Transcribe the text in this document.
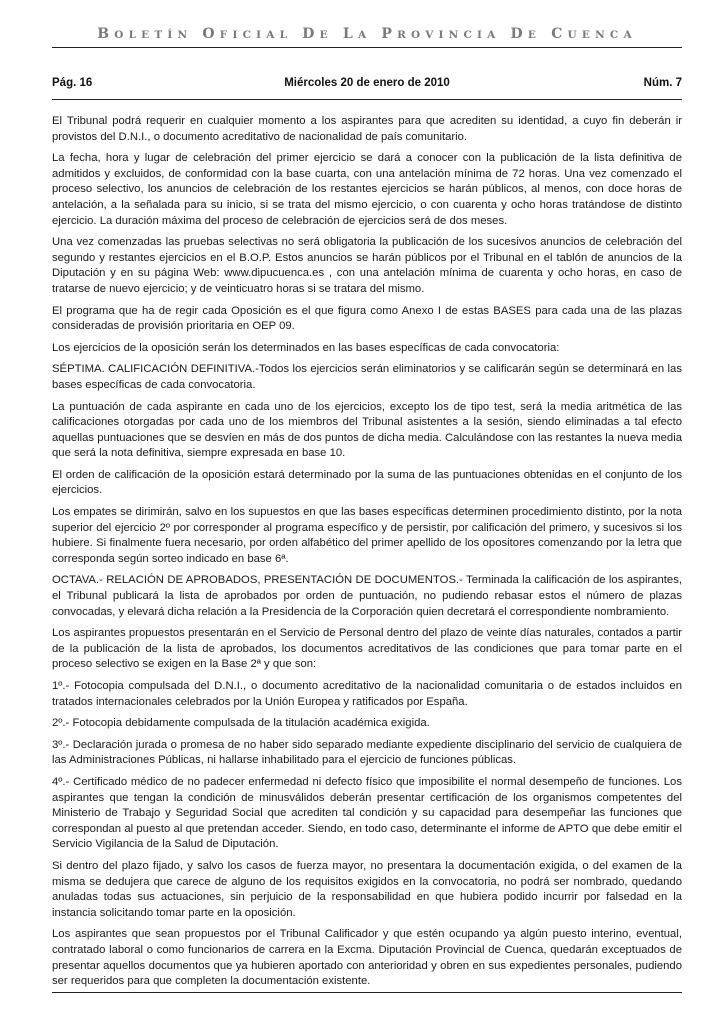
BOLETÍN OFICIAL DE LA PROVINCIA DE CUENCA
Pág. 16	Miércoles 20 de enero de 2010	Núm. 7

El Tribunal podrá requerir en cualquier momento a los aspirantes para que acrediten su identidad, a cuyo fin deberán ir provistos del D.N.I., o documento acreditativo de nacionalidad de país comunitario.

La fecha, hora y lugar de celebración del primer ejercicio se dará a conocer con la publicación de la lista definitiva de admitidos y excluidos, de conformidad con la base cuarta, con una antelación mínima de 72 horas. Una vez comenzado el proceso selectivo, los anuncios de celebración de los restantes ejercicios se harán públicos, al menos, con doce horas de antelación, a la señalada para su inicio, si se trata del mismo ejercicio, o con cuarenta y ocho horas tratándose de distinto ejercicio. La duración máxima del proceso de celebración de ejercicios será de dos meses.

Una vez comenzadas las pruebas selectivas no será obligatoria la publicación de los sucesivos anuncios de celebración del segundo y restantes ejercicios en el B.O.P. Estos anuncios se harán públicos por el Tribunal en el tablón de anuncios de la Diputación y en su página Web: www.dipucuenca.es , con una antelación mínima de cuarenta y ocho horas, en caso de tratarse de nuevo ejercicio; y de veinticuatro horas si se tratara del mismo.

El programa que ha de regir cada Oposición es el que figura como Anexo I de estas BASES para cada una de las plazas consideradas de provisión prioritaria en OEP 09.

Los ejercicios de la oposición serán los determinados en las bases específicas de cada convocatoria:

SÉPTIMA. CALIFICACIÓN DEFINITIVA.-Todos los ejercicios serán eliminatorios y se calificarán según se determinará en las bases específicas de cada convocatoria.

La puntuación de cada aspirante en cada uno de los ejercicios, excepto los de tipo test, será la media aritmética de las calificaciones otorgadas por cada uno de los miembros del Tribunal asistentes a la sesión, siendo eliminadas a tal efecto aquellas puntuaciones que se desvíen en más de dos puntos de dicha media. Calculándose con las restantes la nueva media que será la nota definitiva, siempre expresada en base 10.

El orden de calificación de la oposición estará determinado por la suma de las puntuaciones obtenidas en el conjunto de los ejercicios.

Los empates se dirimirán, salvo en los supuestos en que las bases específicas determinen procedimiento distinto, por la nota superior del ejercicio 2º por corresponder al programa específico y de persistir, por calificación del primero, y sucesivos si los hubiere. Si finalmente fuera necesario, por orden alfabético del primer apellido de los opositores comenzando por la letra que corresponda según sorteo indicado en base 6ª.

OCTAVA.- RELACIÓN DE APROBADOS, PRESENTACIÓN DE DOCUMENTOS.- Terminada la calificación de los aspirantes, el Tribunal publicará la lista de aprobados por orden de puntuación, no pudiendo rebasar estos el número de plazas convocadas, y elevará dicha relación a la Presidencia de la Corporación quien decretará el correspondiente nombramiento.

Los aspirantes propuestos presentarán en el Servicio de Personal dentro del plazo de veinte días naturales, contados a partir de la publicación de la lista de aprobados, los documentos acreditativos de las condiciones que para tomar parte en el proceso selectivo se exigen en la Base 2ª y que son:

1º.- Fotocopia compulsada del D.N.I., o documento acreditativo de la nacionalidad comunitaria o de estados incluidos en tratados internacionales celebrados por la Unión Europea y ratificados por España.

2º.- Fotocopia debidamente compulsada de la titulación académica exigida.

3º.- Declaración jurada o promesa de no haber sido separado mediante expediente disciplinario del servicio de cualquiera de las Administraciones Públicas, ni hallarse inhabilitado para el ejercicio de funciones públicas.

4º.- Certificado médico de no padecer enfermedad ni defecto físico que imposibilite el normal desempeño de funciones. Los aspirantes que tengan la condición de minusválidos deberán presentar certificación de los organismos competentes del Ministerio de Trabajo y Seguridad Social que acrediten tal condición y su capacidad para desempeñar las funciones que correspondan al puesto al que pretendan acceder. Siendo, en todo caso, determinante el informe de APTO que debe emitir el Servicio Vigilancia de la Salud de Diputación.

Si dentro del plazo fijado, y salvo los casos de fuerza mayor, no presentara la documentación exigida, o del examen de la misma se dedujera que carece de alguno de los requisitos exigidos en la convocatoria, no podrá ser nombrado, quedando anuladas todas sus actuaciones, sin perjuicio de la responsabilidad en que hubiera podido incurrir por falsedad en la instancia solicitando tomar parte en la oposición.

Los aspirantes que sean propuestos por el Tribunal Calificador y que estén ocupando ya algún puesto interino, eventual, contratado laboral o como funcionarios de carrera en la Excma. Diputación Provincial de Cuenca, quedarán exceptuados de presentar aquellos documentos que ya hubieren aportado con anterioridad y obren en sus expedientes personales, pudiendo ser requeridos para que completen la documentación existente.
